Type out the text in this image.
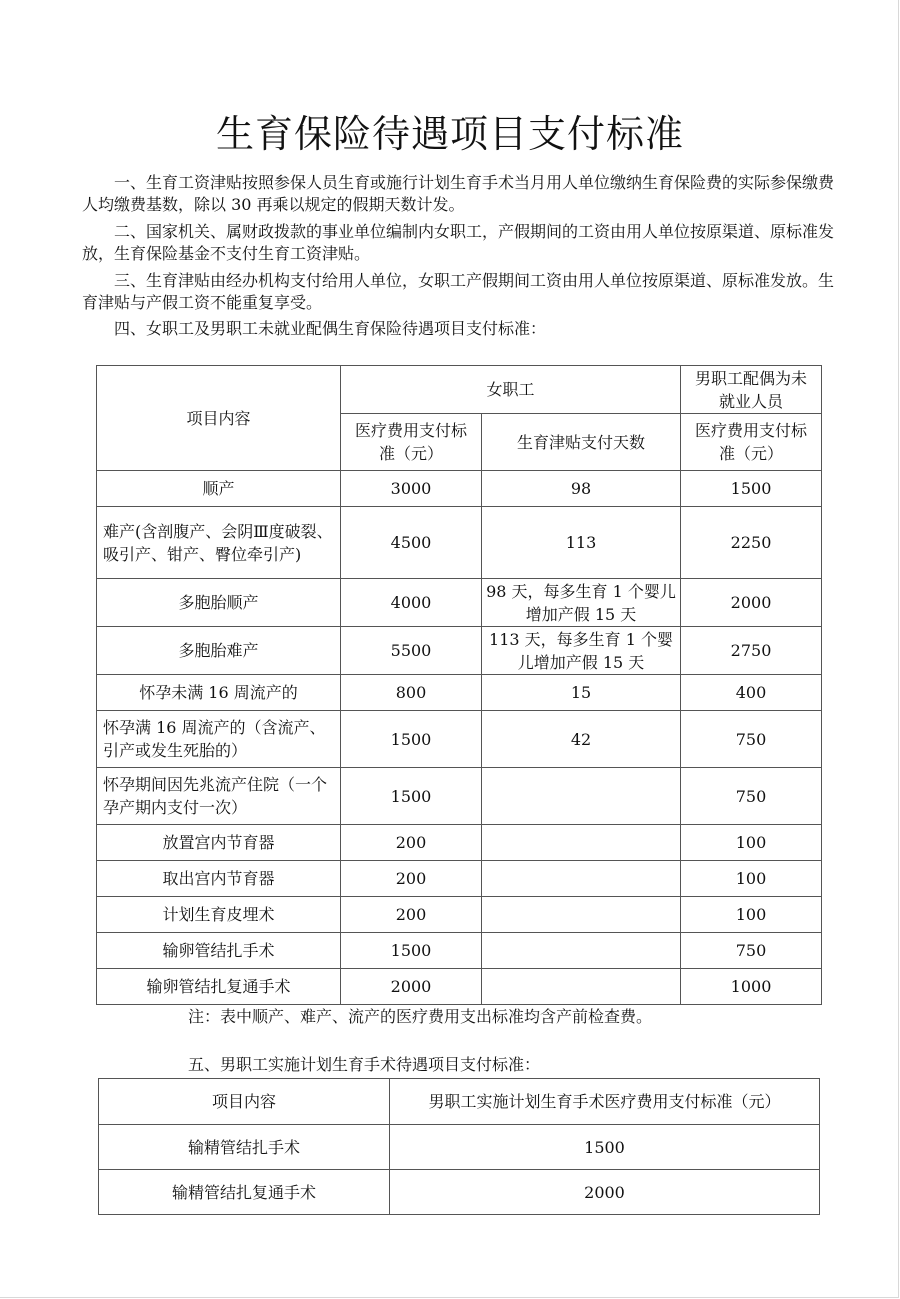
生育保险待遇项目支付标准

一、生育工资津贴按照参保人员生育或施行计划生育手术当月用人单位缴纳生育保险费的实际参保缴费人均缴费基数，除以 30 再乘以规定的假期天数计发。

二、国家机关、属财政拨款的事业单位编制内女职工，产假期间的工资由用人单位按原渠道、原标准发放，生育保险基金不支付生育工资津贴。

三、生育津贴由经办机构支付给用人单位，女职工产假期间工资由用人单位按原渠道、原标准发放。生育津贴与产假工资不能重复享受。

四、女职工及男职工未就业配偶生育保险待遇项目支付标准：

项目内容	女职工		男职工配偶为未就业人员
	医疗费用支付标准（元）	生育津贴支付天数	医疗费用支付标准（元）
顺产	3000	98	1500
难产(含剖腹产、会阴Ⅲ度破裂、吸引产、钳产、臀位牵引产)	4500	113	2250
多胞胎顺产	4000	98 天，每多生育 1 个婴儿增加产假 15 天	2000
多胞胎难产	5500	113 天，每多生育 1 个婴儿增加产假 15 天	2750
怀孕未满 16 周流产的	800	15	400
怀孕满 16 周流产的（含流产、引产或发生死胎的）	1500	42	750
怀孕期间因先兆流产住院（一个孕产期内支付一次）	1500		750
放置宫内节育器	200		100
取出宫内节育器	200		100
计划生育皮埋术	200		100
输卵管结扎手术	1500		750
输卵管结扎复通手术	2000		1000
注：表中顺产、难产、流产的医疗费用支出标准均含产前检查费。
五、男职工实施计划生育手术待遇项目支付标准：
项目内容	男职工实施计划生育手术医疗费用支付标准（元）
输精管结扎手术	1500
输精管结扎复通手术	2000
